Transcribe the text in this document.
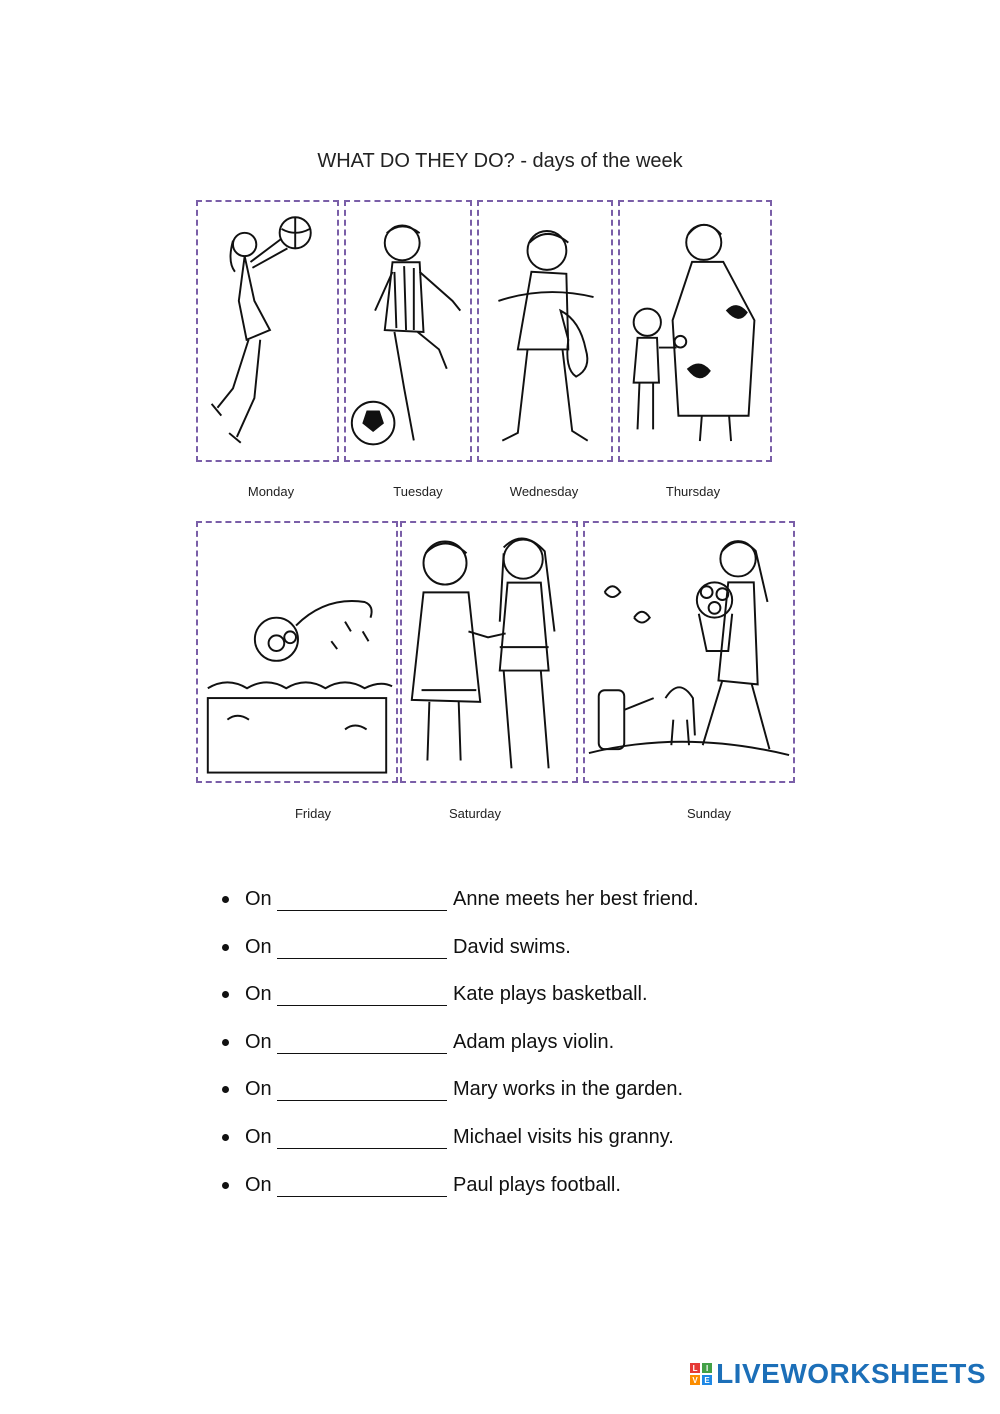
WHAT DO THEY DO? - days of the week
Monday	Tuesday	Wednesday	Thursday
Friday	Saturday	Sunday
On	Anne meets her best friend.
On	David swims.
On	Kate plays basketball.
On	Adam plays violin.
On	Mary works in the garden.
On	Michael visits his granny.
On	Paul plays football.
L	I
V E LIVEWORKSHEETS
